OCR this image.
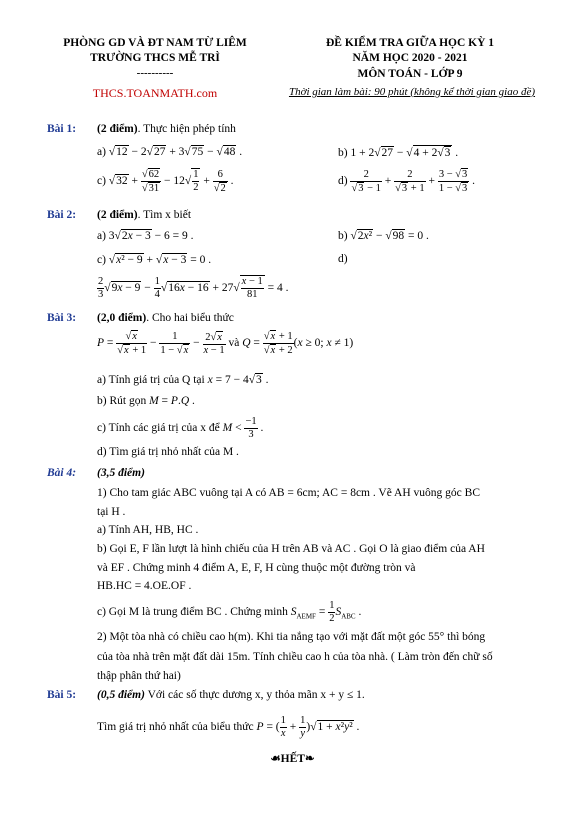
PHÒNG GD VÀ ĐT NAM TỪ LIÊM
TRƯỜNG THCS MỄ TRÌ
----------
THCS.TOANMATH.com
ĐỀ KIỂM TRA GIỮA HỌC KỲ 1
NĂM HỌC 2020 - 2021
MÔN TOÁN - LỚP 9
Thời gian làm bài: 90 phút (không kể thời gian giao đề)
Bài 1: (2 điểm). Thực hiện phép tính
a) √12 − 2√27 + 3√75 − √48 .	b) 1 + 2√27 − √4 + 2√3 .
c) $√32 + \frac{√62}{√31} - 12√ \frac{1}{2} + \frac{6}{√2}$ .	$d) \frac{2}{√3 - 1} + \frac{2}{√3 + 1} + \frac{3 - √3}{1 - √3}$ .
Bài 2: (2 điểm). Tìm x biết
a) 3√2x − 3 − 6 = 9 .	b) √2x² − √98 = 0 .
c) √x² − 9 + √x − 3 = 0 .	d)
$\frac{2}{3} √9x - 9 - \frac{1}{4} √16x - 16 + 27√ \frac{x - 1}{81} = 4$ .
Bài 3: (2,0 điểm). Cho hai biểu thức
$P = \frac{√x}{√x + 1} - \frac{1}{1 - √x} - \frac{2√x}{x - 1}$ và $Q = \frac{√x + 1}{√x + 2} (x \ge 0$; x ≠ 1)
a) Tính giá trị của Q tại x = 7 − 4√3 .
b) Rút gọn M = P.Q .
c) Tính các giá trị của x để $M < \frac{-1}{3}$ .
d) Tìm giá trị nhỏ nhất của M .
Bài 4: (3,5 điểm)
1) Cho tam giác ABC vuông tại A có AB = 6cm; AC = 8cm . Vẽ AH vuông góc BC
tại H .
a) Tính AH, HB, HC .
b) Gọi E, F lần lượt là hình chiếu của H trên AB và AC . Gọi O là giao điểm của AH
và EF . Chứng minh 4 điểm A, E, F, H cùng thuộc một đường tròn và
HB.HC = 4.OE.OF .
c) Gọi M là trung điểm BC . Chứng minh $S_{AEMF} = \frac{1}{2} S_{ABC}$ .
2) Một tòa nhà có chiều cao h(m). Khi tia nắng tạo với mặt đất một góc 55° thì bóng
của tòa nhà trên mặt đất dài 15m. Tính chiều cao h của tòa nhà. ( Làm tròn đến chữ số
thập phân thứ hai)
Bài 5: (0,5 điểm) Với các số thực dương x, y thỏa mãn x + y ≤ 1.
Tìm giá trị nhỏ nhất của biểu thức P = ( $\frac{1}{x} + \frac{1}{y} )√1 + x^2y^2$ .
☙HẾT❧
